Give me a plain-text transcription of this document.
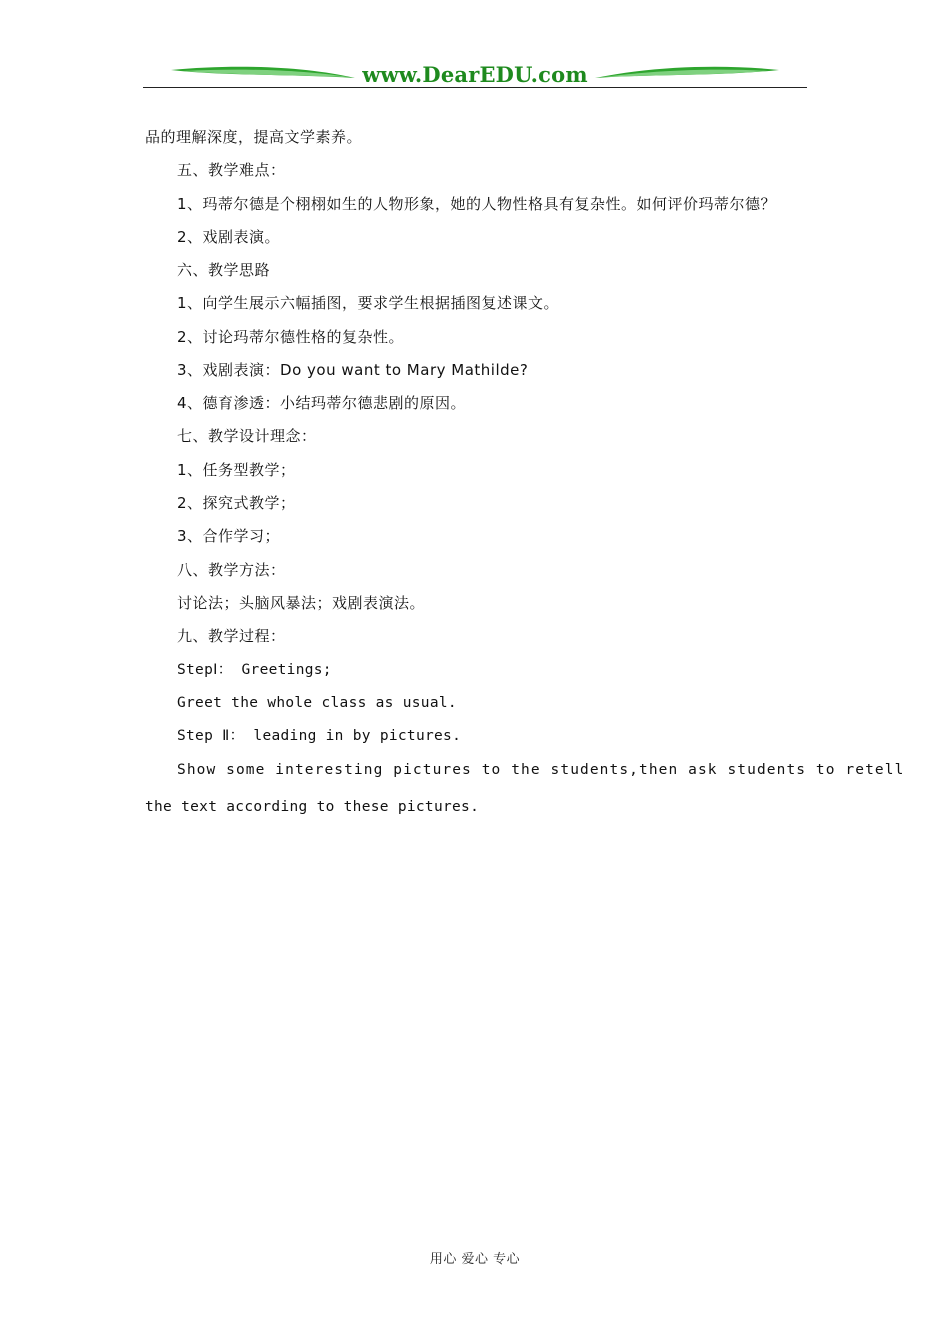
www.DearEDU.com
品的理解深度，提高文学素养。
五、教学难点：
1、玛蒂尔德是个栩栩如生的人物形象，她的人物性格具有复杂性。如何评价玛蒂尔德？
2、戏剧表演。
六、教学思路
1、向学生展示六幅插图，要求学生根据插图复述课文。
2、讨论玛蒂尔德性格的复杂性。
3、戏剧表演：Do you want to Mary Mathilde?
4、德育渗透：小结玛蒂尔德悲剧的原因。
七、教学设计理念：
1、任务型教学；
2、探究式教学；
3、合作学习；
八、教学方法：
讨论法；头脑风暴法；戏剧表演法。
九、教学过程：
StepⅠ： Greetings;
Greet the whole class as usual.
Step Ⅱ： leading in by pictures.
Show some interesting pictures to the students,then ask students to retell
the text according to these pictures.
用心 爱心 专心
